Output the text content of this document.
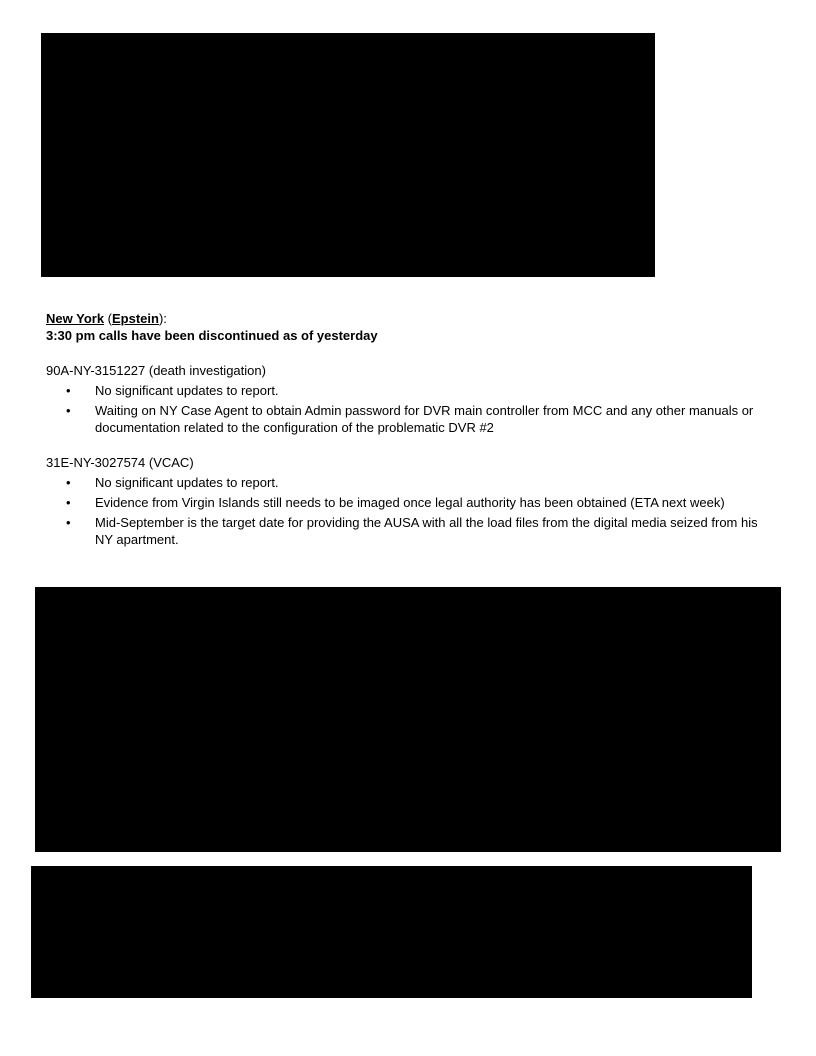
New York (Epstein):

3:30 pm calls have been discontinued as of yesterday

90A-NY-3151227 (death investigation)

•	No significant updates to report.
•	Waiting on NY Case Agent to obtain Admin password for DVR main controller from MCC and any other manuals or documentation related to the configuration of the problematic DVR #2

31E-NY-3027574 (VCAC)

•	No significant updates to report.
•	Evidence from Virgin Islands still needs to be imaged once legal authority has been obtained (ETA next week)
•	Mid-September is the target date for providing the AUSA with all the load files from the digital media seized from his NY apartment.
